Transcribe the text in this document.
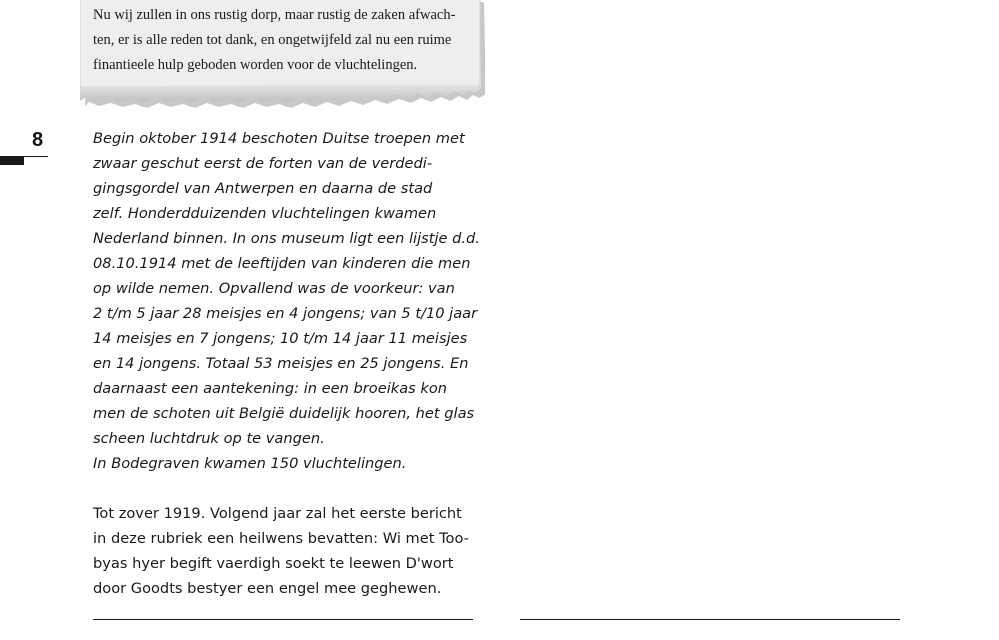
Nu wij zullen in ons rustig dorp, maar rustig de zaken afwach-
ten, er is alle reden tot dank, en ongetwijfeld zal nu een ruime
finantieele hulp geboden worden voor de vluchtelingen.

8	Begin oktober 1914 beschoten Duitse troepen met
zwaar geschut eerst de forten van de verdedi-
gingsgordel van Antwerpen en daarna de stad
zelf. Honderdduizenden vluchtelingen kwamen
Nederland binnen. In ons museum ligt een lijstje d.d.
08.10.1914 met de leeftijden van kinderen die men
op wilde nemen. Opvallend was de voorkeur: van
2 t/m 5 jaar 28 meisjes en 4 jongens; van 5 t/10 jaar
14 meisjes en 7 jongens; 10 t/m 14 jaar 11 meisjes
en 14 jongens. Totaal 53 meisjes en 25 jongens. En
daarnaast een aantekening: in een broeikas kon
men de schoten uit België duidelijk hooren, het glas
scheen luchtdruk op te vangen.
In Bodegraven kwamen 150 vluchtelingen.

Tot zover 1919. Volgend jaar zal het eerste bericht
in deze rubriek een heilwens bevatten: Wi met Too-
byas hyer begift vaerdigh soekt te leewen D'wort
door Goodts bestyer een engel mee geghewen.
